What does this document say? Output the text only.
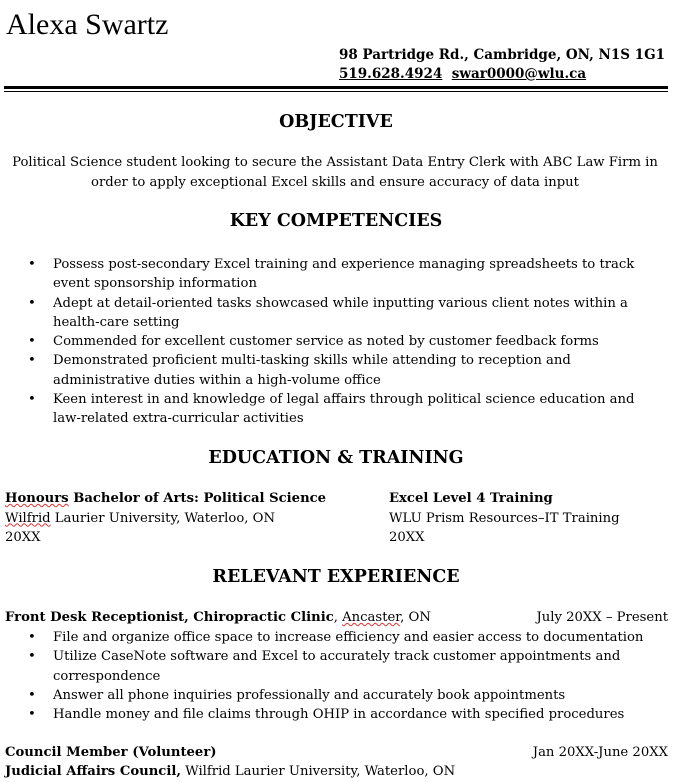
Alexa Swartz
98 Partridge Rd., Cambridge, ON, N1S 1G1
519.628.4924 swar0000@wlu.ca
OBJECTIVE
Political Science student looking to secure the Assistant Data Entry Clerk with ABC Law Firm in order to apply exceptional Excel skills and ensure accuracy of data input
KEY COMPETENCIES
• Possess post-secondary Excel training and experience managing spreadsheets to track event sponsorship information
• Adept at detail-oriented tasks showcased while inputting various client notes within a health-care setting
• Commended for excellent customer service as noted by customer feedback forms
• Demonstrated proficient multi-tasking skills while attending to reception and administrative duties within a high-volume office
• Keen interest in and knowledge of legal affairs through political science education and law-related extra-curricular activities
EDUCATION & TRAINING
Honours Bachelor of Arts: Political Science
Wilfrid Laurier University, Waterloo, ON
20XX
Excel Level 4 Training
WLU Prism Resources–IT Training
20XX
RELEVANT EXPERIENCE
Front Desk Receptionist, Chiropractic Clinic, Ancaster, ON	July 20XX – Present
• File and organize office space to increase efficiency and easier access to documentation
• Utilize CaseNote software and Excel to accurately track customer appointments and correspondence
• Answer all phone inquiries professionally and accurately book appointments
• Handle money and file claims through OHIP in accordance with specified procedures
Council Member (Volunteer)	Jan 20XX-June 20XX
Judicial Affairs Council, Wilfrid Laurier University, Waterloo, ON
